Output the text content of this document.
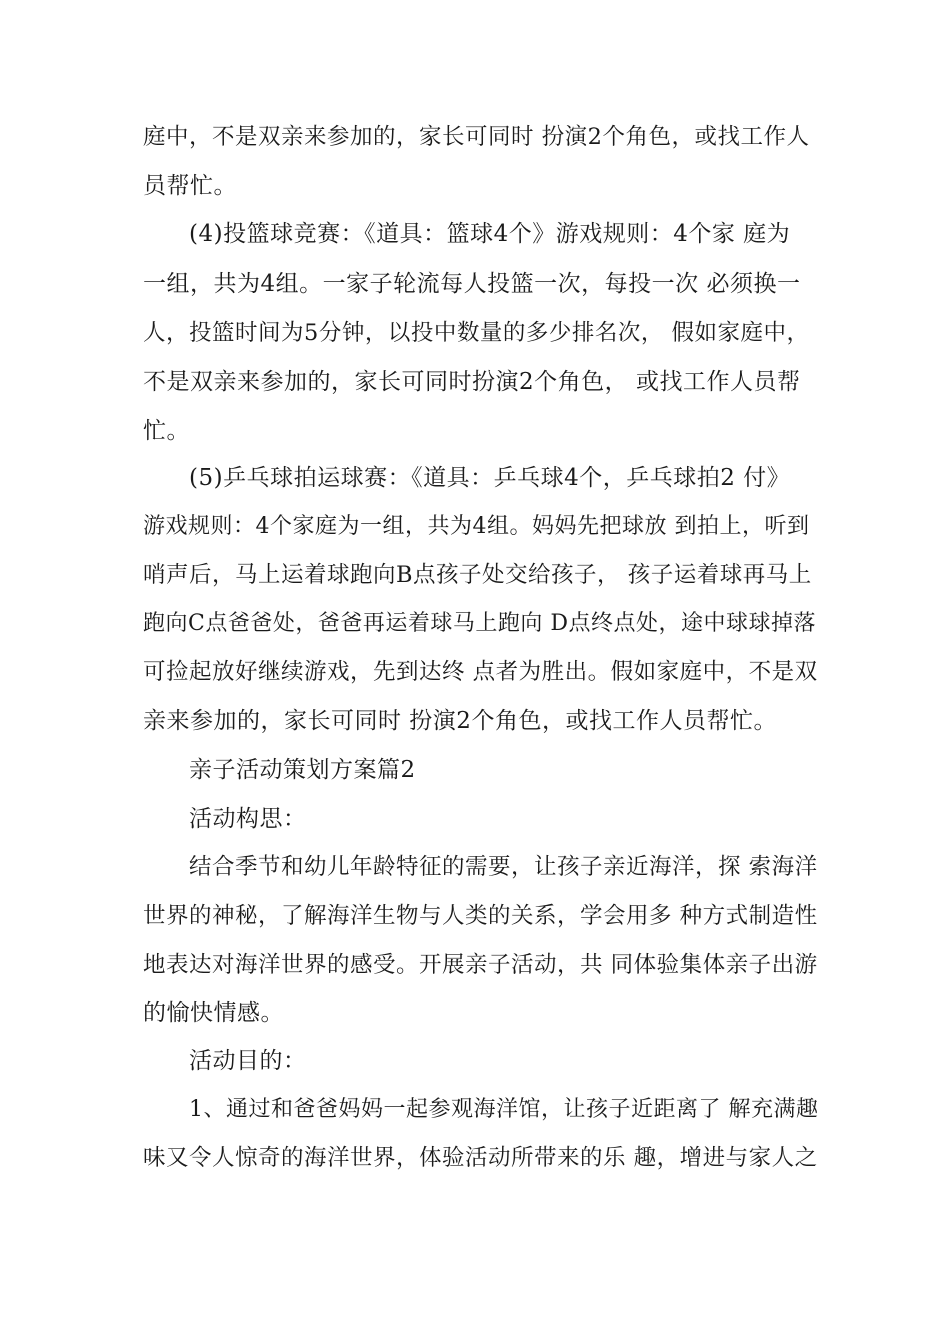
庭中，不是双亲来参加的，家长可同时 扮演2个角色，或找工作人
员帮忙。
(4)投篮球竞赛：《道具：篮球4个》游戏规则：4个家 庭为
一组，共为4组。一家子轮流每人投篮一次，每投一次 必须换一
人，投篮时间为5分钟，以投中数量的多少排名次， 假如家庭中，
不是双亲来参加的，家长可同时扮演2个角色， 或找工作人员帮
忙。
(5)乒乓球拍运球赛：《道具：乒乓球4个，乒乓球拍2 付》
游戏规则：4个家庭为一组，共为4组。妈妈先把球放 到拍上，听到
哨声后，马上运着球跑向B点孩子处交给孩子， 孩子运着球再马上
跑向C点爸爸处，爸爸再运着球马上跑向 D点终点处，途中球球掉落
可捡起放好继续游戏，先到达终 点者为胜出。假如家庭中，不是双
亲来参加的，家长可同时 扮演2个角色，或找工作人员帮忙。
亲子活动策划方案篇2
活动构思：
结合季节和幼儿年龄特征的需要，让孩子亲近海洋，探 索海洋
世界的神秘，了解海洋生物与人类的关系，学会用多 种方式制造性
地表达对海洋世界的感受。开展亲子活动，共 同体验集体亲子出游
的愉快情感。
活动目的：
1、通过和爸爸妈妈一起参观海洋馆，让孩子近距离了 解充满趣
味又令人惊奇的海洋世界，体验活动所带来的乐 趣，增进与家人之
